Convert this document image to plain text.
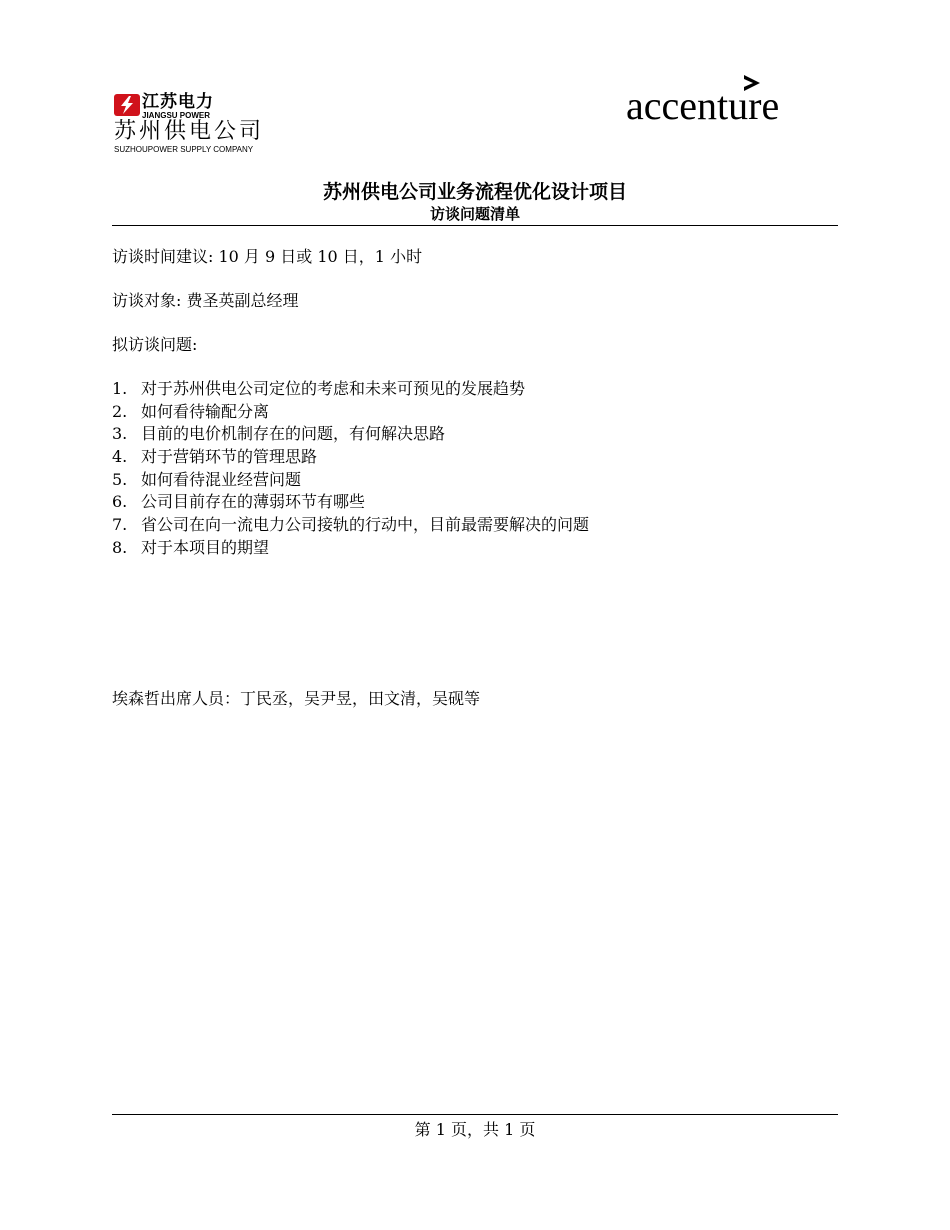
江苏电力
JIANGSU POWER
苏州供电公司
SUZHOUPOWER SUPPLY COMPANY
accenture
苏州供电公司业务流程优化设计项目
访谈问题清单
访谈时间建议: 10 月 9 日或 10 日，1 小时
访谈对象: 费圣英副总经理
拟访谈问题:
1. 对于苏州供电公司定位的考虑和未来可预见的发展趋势
2. 如何看待输配分离
3. 目前的电价机制存在的问题，有何解决思路
4. 对于营销环节的管理思路
5. 如何看待混业经营问题
6. 公司目前存在的薄弱环节有哪些
7. 省公司在向一流电力公司接轨的行动中，目前最需要解决的问题
8. 对于本项目的期望
埃森哲出席人员：丁民丞，吴尹昱，田文清，吴砚等
第 1 页，共 1 页
